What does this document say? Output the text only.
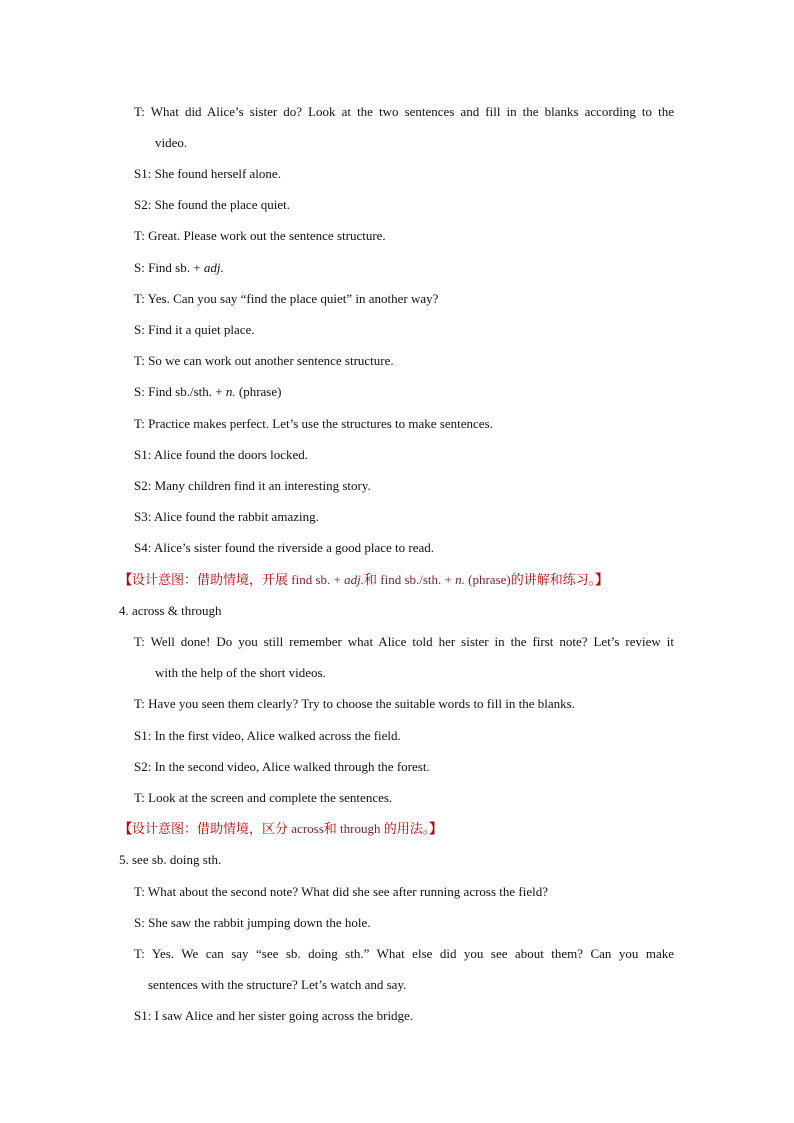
T: What did Alice’s sister do? Look at the two sentences and fill in the blanks according to the
video.
S1: She found herself alone.
S2: She found the place quiet.
T: Great. Please work out the sentence structure.
S: Find sb. + adj.
T: Yes. Can you say “find the place quiet” in another way?
S: Find it a quiet place.
T: So we can work out another sentence structure.
S: Find sb./sth. + n. (phrase)
T: Practice makes perfect. Let’s use the structures to make sentences.
S1: Alice found the doors locked.
S2: Many children find it an interesting story.
S3: Alice found the rabbit amazing.
S4: Alice’s sister found the riverside a good place to read.
【设计意图：借助情境，开展 find sb. + adj.和 find sb./sth. + n. (phrase)的讲解和练习。】
4. across & through
T: Well done! Do you still remember what Alice told her sister in the first note? Let’s review it
with the help of the short videos.
T: Have you seen them clearly? Try to choose the suitable words to fill in the blanks.
S1: In the first video, Alice walked across the field.
S2: In the second video, Alice walked through the forest.
T: Look at the screen and complete the sentences.
【设计意图：借助情境，区分 across和 through 的用法。】
5. see sb. doing sth.
T: What about the second note? What did she see after running across the field?
S: She saw the rabbit jumping down the hole.
T: Yes. We can say “see sb. doing sth.” What else did you see about them? Can you make
sentences with the structure? Let’s watch and say.
S1: I saw Alice and her sister going across the bridge.
